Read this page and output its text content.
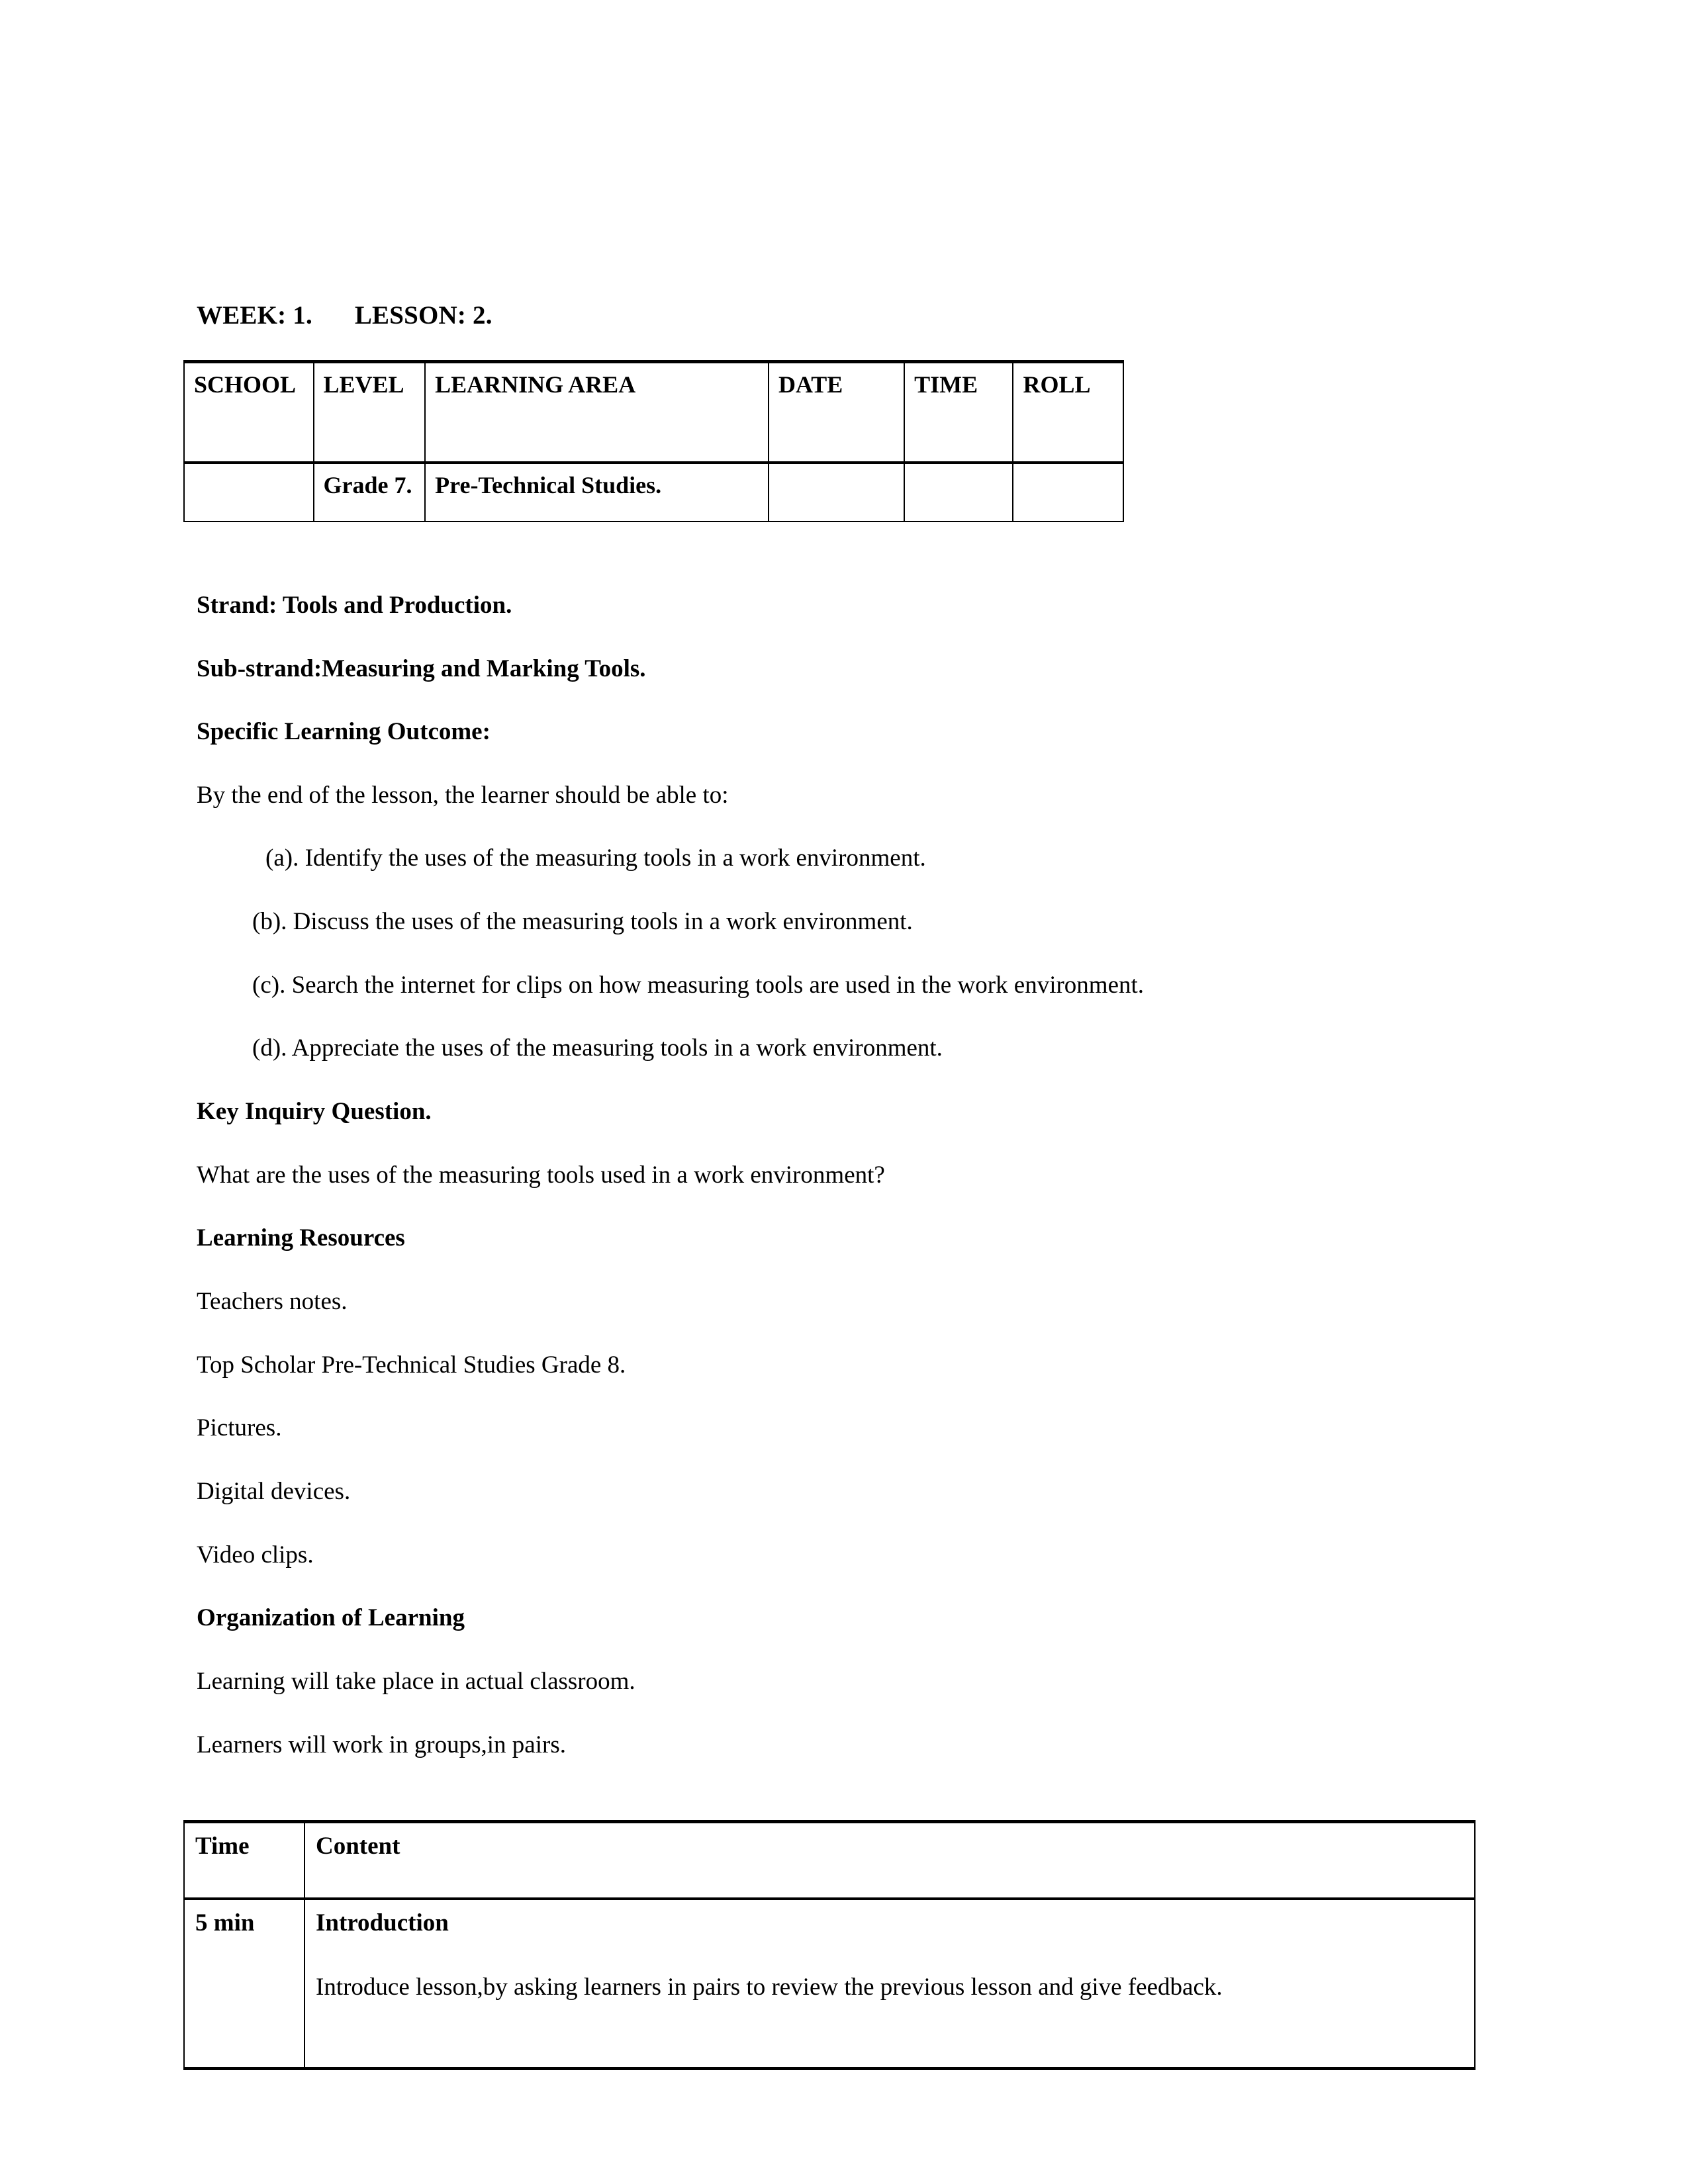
WEEK: 1.	LESSON: 2.

SCHOOL	LEVEL	LEARNING AREA	DATE	TIME	ROLL
	Grade 7.	Pre-Technical Studies.			

Strand: Tools and Production.

Sub-strand:Measuring and Marking Tools.

Specific Learning Outcome:

By the end of the lesson, the learner should be able to:

(a). Identify the uses of the measuring tools in a work environment.

(b). Discuss the uses of the measuring tools in a work environment.

(c). Search the internet for clips on how measuring tools are used in the work environment.

(d). Appreciate the uses of the measuring tools in a work environment.

Key Inquiry Question.

What are the uses of the measuring tools used in a work environment?

Learning Resources

Teachers notes.

Top Scholar Pre-Technical Studies Grade 8.

Pictures.

Digital devices.

Video clips.

Organization of Learning

Learning will take place in actual classroom.

Learners will work in groups,in pairs.

Time	Content
5 min	Introduction

Introduce lesson,by asking learners in pairs to review the previous lesson and give feedback.
